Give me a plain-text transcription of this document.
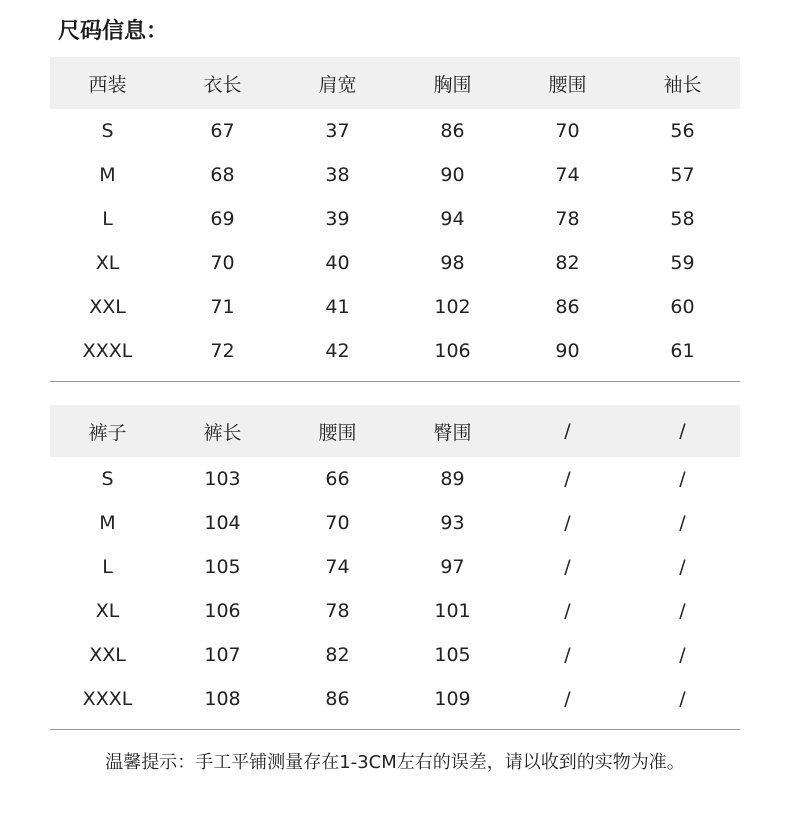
尺码信息：
西装	衣长	肩宽	胸围	腰围	袖长
S	67	37	86	70	56
M	68	38	90	74	57
L	69	39	94	78	58
XL	70	40	98	82	59
XXL	71	41	102	86	60
XXXL	72	42	106	90	61
裤子	裤长	腰围	臀围	/	/
S	103	66	89	/	/
M	104	70	93	/	/
L	105	74	97	/	/
XL	106	78	101	/	/
XXL	107	82	105	/	/
XXXL	108	86	109	/	/
温馨提示：手工平铺测量存在1-3CM左右的误差，请以收到的实物为准。
